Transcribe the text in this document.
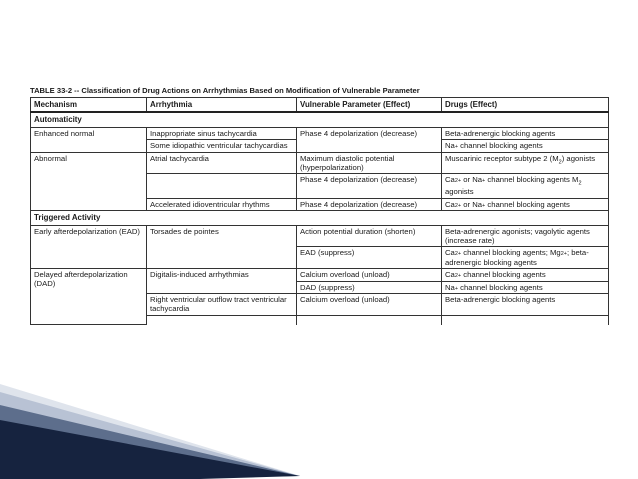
TABLE 33-2 -- Classification of Drug Actions on Arrhythmias Based on Modification of Vulnerable Parameter
Mechanism	Arrhythmia	Vulnerable Parameter (Effect)	Drugs (Effect)
Automaticity			
Enhanced normal	Inappropriate sinus tachycardia	Phase 4 depolarization (decrease)	Beta-adrenergic blocking agents
	Some idiopathic ventricular tachycardias		Na+ channel blocking agents
Abnormal	Atrial tachycardia	Maximum diastolic potential (hyperpolarization)	Muscarinic receptor subtype 2 $(M_2)$ agonists
		Phase 4 depolarization (decrease)	Ca2+ or Na+ channel blocking agents $M_2$
agonists
	Accelerated idioventricular rhythms	Phase 4 depolarization (decrease)	Ca2+ or Na+ channel blocking agents
Triggered Activity			
Early afterdepolarization (EAD)	Torsades de pointes	Action potential duration (shorten)	Beta-adrenergic agonists; vagolytic agents (increase rate)
		EAD (suppress)	Ca2+ channel blocking agents; Mg2+; beta-adrenergic blocking agents
Delayed afterdepolarization (DAD)	Digitalis-induced arrhythmias	Calcium overload (unload)	Ca2+ channel blocking agents
		DAD (suppress)	Na+ channel blocking agents
	Right ventricular outflow tract ventricular tachycardia	Calcium overload (unload)	Beta-adrenergic blocking agents
